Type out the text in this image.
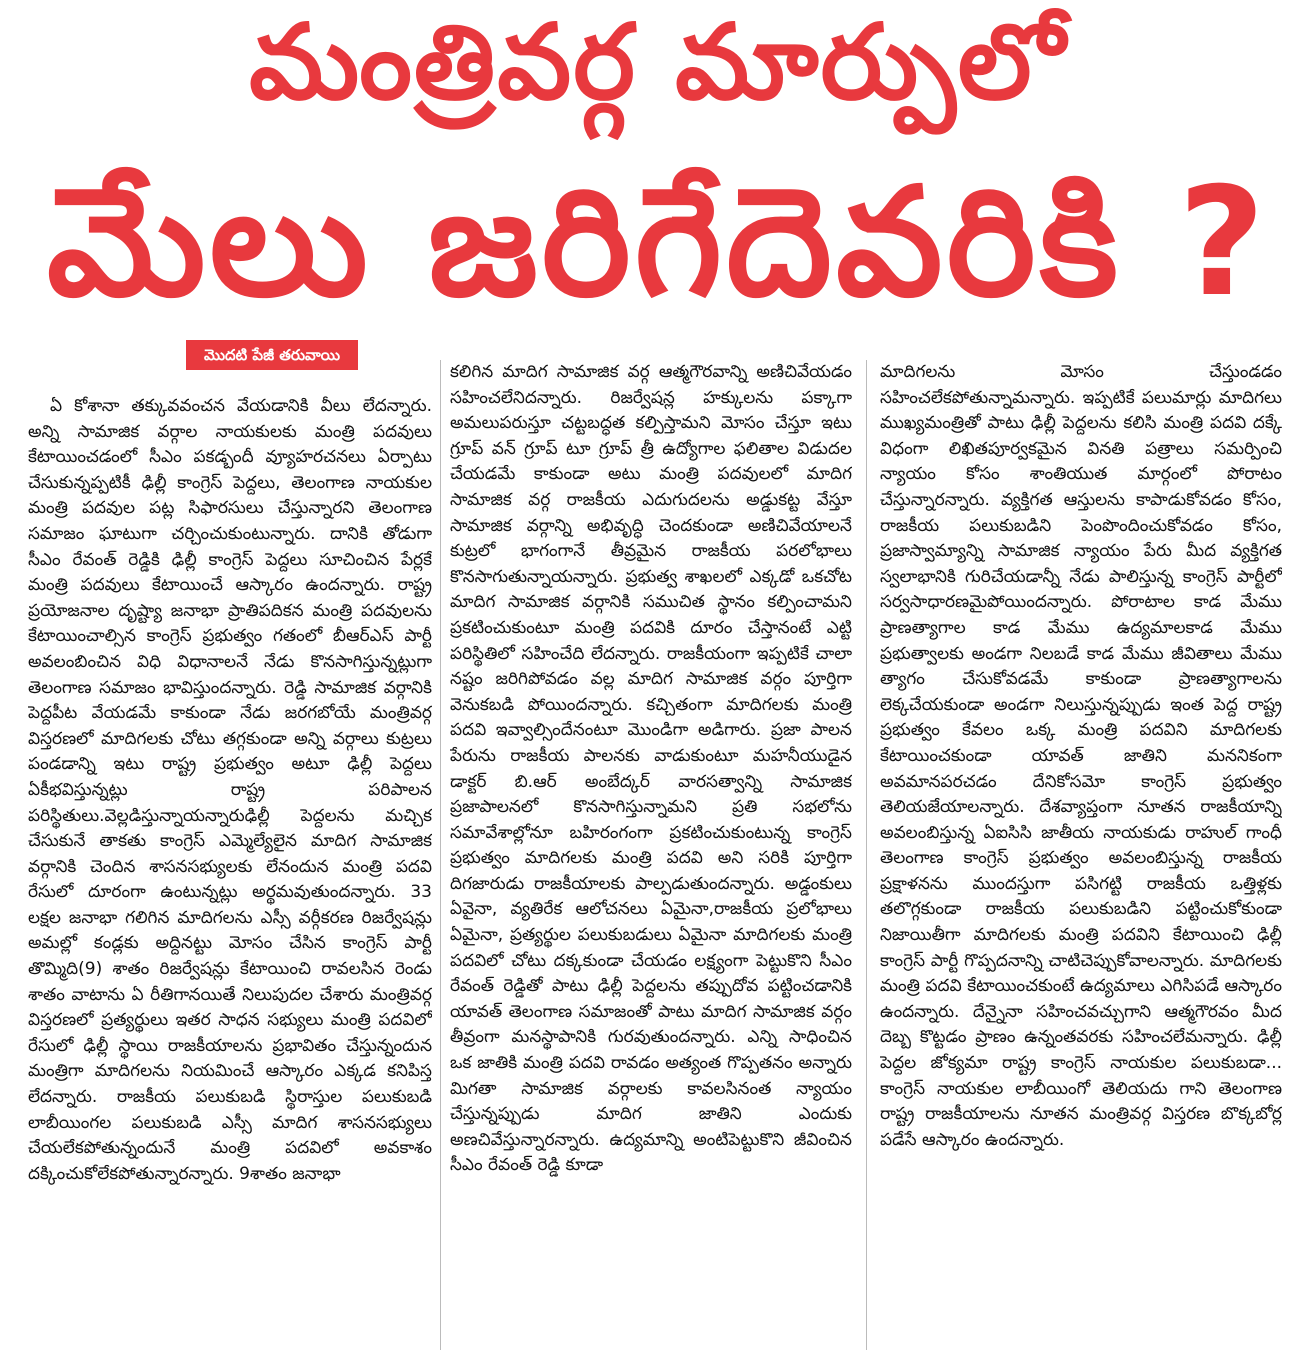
మంత్రివర్గ మార్పులో
మేలు జరిగేదెవరికి ?
మొదటి పేజీ తరువాయి
ఏ కోశానా తక్కువవంచన వేయడానికి వీలు లేదన్నారు. అన్ని సామాజిక వర్గాల నాయకులకు మంత్రి పదవులు కేటాయించడంలో సీఎం పకడ్బందీ వ్యూహరచనలు ఏర్పాటు చేసుకున్నప్పటికీ ఢిల్లీ కాంగ్రెస్ పెద్దలు, తెలంగాణ నాయకుల మంత్రి పదవుల పట్ల సిఫారసులు చేస్తున్నారని తెలంగాణ సమాజం ఘాటుగా చర్చించుకుంటున్నారు. దానికి తోడుగా సీఎం రేవంత్ రెడ్డికి ఢిల్లీ కాంగ్రెస్ పెద్దలు సూచించిన పేర్లకే మంత్రి పదవులు కేటాయించే ఆస్కారం ఉందన్నారు. రాష్ట్ర ప్రయోజనాల దృష్ట్యా జనాభా ప్రాతిపదికన మంత్రి పదవులను కేటాయించాల్సిన కాంగ్రెస్ ప్రభుత్వం గతంలో బీఆర్ఎస్ పార్టీ అవలంబించిన విధి విధానాలనే నేడు కొనసాగిస్తున్నట్లుగా తెలంగాణ సమాజం భావిస్తుందన్నారు. రెడ్డి సామాజిక వర్గానికి పెద్దపీట వేయడమే కాకుండా నేడు జరగబోయే మంత్రివర్గ విస్తరణలో మాదిగలకు చోటు తగ్గకుండా అన్ని వర్గాలు కుట్రలు పండడాన్ని ఇటు రాష్ట్ర ప్రభుత్వం అటూ ఢిల్లీ పెద్దలు ఏకీభవిస్తున్నట్లు రాష్ట్ర పరిపాలన పరిస్థితులు.వెల్లడిస్తున్నాయన్నారుఢిల్లీ పెద్దలను మచ్చిక చేసుకునే తాకతు కాంగ్రెస్ ఎమ్మెల్యేలైన మాదిగ సామాజిక వర్గానికి చెందిన శాసనసభ్యులకు లేనందున మంత్రి పదవి రేసులో దూరంగా ఉంటున్నట్లు అర్థమవుతుందన్నారు. 33 లక్షల జనాభా గలిగిన మాదిగలను ఎస్సీ వర్గీకరణ రిజర్వేషన్లు అమల్లో కండ్లకు అద్దినట్టు మోసం చేసిన కాంగ్రెస్ పార్టీ తొమ్మిది(9) శాతం రిజర్వేషన్లు కేటాయించి రావలసిన రెండు శాతం వాటాను ఏ రీతిగానయితే నిలుపుదల చేశారు మంత్రివర్గ విస్తరణలో ప్రత్యర్థులు ఇతర సాధన సభ్యులు మంత్రి పదవిలో రేసులో ఢిల్లీ స్థాయి రాజకీయాలను ప్రభావితం చేస్తున్నందున మంత్రిగా మాదిగలను నియమించే ఆస్కారం ఎక్కడ కనిపిస్త లేదన్నారు. రాజకీయ పలుకుబడి స్థిరాస్తుల పలుకుబడి లాబీయింగల పలుకుబడి ఎస్సీ మాదిగ శాసనసభ్యులు చేయలేకపోతున్నందునే మంత్రి పదవిలో అవకాశం దక్కించుకోలేకపోతున్నారన్నారు. 9శాతం జనాభా
కలిగిన మాదిగ సామాజిక వర్గ ఆత్మగౌరవాన్ని అణిచివేయడం సహించలేనిదన్నారు. రిజర్వేషన్ల హక్కులను పక్కాగా అమలుపరుస్తూ చట్టబద్ధత కల్పిస్తామని మోసం చేస్తూ ఇటు గ్రూప్ వన్ గ్రూప్ టూ గ్రూప్ త్రీ ఉద్యోగాల ఫలితాల విడుదల చేయడమే కాకుండా అటు మంత్రి పదవులలో మాదిగ సామాజిక వర్గ రాజకీయ ఎదుగుదలను అడ్డుకట్ట వేస్తూ సామాజిక వర్గాన్ని అభివృద్ధి చెందకుండా అణిచివేయాలనే కుట్రలో భాగంగానే తీవ్రమైన రాజకీయ పరలోభాలు కొనసాగుతున్నాయన్నారు. ప్రభుత్వ శాఖలలో ఎక్కడో ఒకచోట మాదిగ సామాజిక వర్గానికి సముచిత స్థానం కల్పించామని ప్రకటించుకుంటూ మంత్రి పదవికి దూరం చేస్తానంటే ఎట్టి పరిస్థితిలో సహించేది లేదన్నారు. రాజకీయంగా ఇప్పటికే చాలా నష్టం జరిగిపోవడం వల్ల మాదిగ సామాజిక వర్గం పూర్తిగా వెనుకబడి పోయిందన్నారు. కచ్చితంగా మాదిగలకు మంత్రి పదవి ఇవ్వాల్సిందేనంటూ మొండిగా అడిగారు. ప్రజా పాలన పేరును రాజకీయ పాలనకు వాడుకుంటూ మహనీయుడైన డాక్టర్ బి.ఆర్ అంబేద్కర్ వారసత్వాన్ని సామాజిక ప్రజాపాలనలో కొనసాగిస్తున్నామని ప్రతి సభలోను సమావేశాల్లోనూ బహిరంగంగా ప్రకటించుకుంటున్న కాంగ్రెస్ ప్రభుత్వం మాదిగలకు మంత్రి పదవి అని సరికి పూర్తిగా దిగజారుడు రాజకీయాలకు పాల్పడుతుందన్నారు. అడ్డంకులు ఏవైనా, వ్యతిరేక ఆలోచనలు ఏమైనా,రాజకీయ ప్రలోభాలు ఏమైనా, ప్రత్యర్థుల పలుకుబడులు ఏమైనా మాదిగలకు మంత్రి పదవిలో చోటు దక్కకుండా చేయడం లక్ష్యంగా పెట్టుకొని సీఎం రేవంత్ రెడ్డితో పాటు ఢిల్లీ పెద్దలను తప్పుదోవ పట్టించడానికి యావత్ తెలంగాణ సమాజంతో పాటు మాదిగ సామాజిక వర్గం తీవ్రంగా మనస్థాపానికి గురవుతుందన్నారు. ఎన్ని సాధించిన ఒక జాతికి మంత్రి పదవి రావడం అత్యంత గొప్పతనం అన్నారు మిగతా సామాజిక వర్గాలకు కావలసినంత న్యాయం చేస్తున్నప్పుడు మాదిగ జాతిని ఎందుకు అణచివేస్తున్నారన్నారు. ఉద్యమాన్ని అంటిపెట్టుకొని జీవించిన సీఎం రేవంత్ రెడ్డి కూడా
మాదిగలను మోసం చేస్తుండడం సహించలేకపోతున్నామన్నారు. ఇప్పటికే పలుమార్లు మాదిగలు ముఖ్యమంత్రితో పాటు ఢిల్లీ పెద్దలను కలిసి మంత్రి పదవి దక్కే విధంగా లిఖితపూర్వకమైన వినతి పత్రాలు సమర్పించి న్యాయం కోసం శాంతియుత మార్గంలో పోరాటం చేస్తున్నారన్నారు. వ్యక్తిగత ఆస్తులను కాపాడుకోవడం కోసం, రాజకీయ పలుకుబడిని పెంపొందించుకోవడం కోసం, ప్రజాస్వామ్యాన్ని సామాజిక న్యాయం పేరు మీద వ్యక్తిగత స్వలాభానికి గురిచేయడాన్నీ నేడు పాలిస్తున్న కాంగ్రెస్ పార్టీలో సర్వసాధారణమైపోయిందన్నారు. పోరాటాల కాడ మేము ప్రాణత్యాగాల కాడ మేము ఉద్యమాలకాడ మేము ప్రభుత్వాలకు అండగా నిలబడే కాడ మేము జీవితాలు మేము త్యాగం చేసుకోవడమే కాకుండా ప్రాణత్యాగాలను లెక్కచేయకుండా అండగా నిలుస్తున్నప్పుడు ఇంత పెద్ద రాష్ట్ర ప్రభుత్వం కేవలం ఒక్క మంత్రి పదవిని మాదిగలకు కేటాయించకుండా యావత్ జాతిని మననికంగా అవమానపరచడం దేనికోసమో కాంగ్రెస్ ప్రభుత్వం తెలియజేయాలన్నారు. దేశవ్యాప్తంగా నూతన రాజకీయాన్ని అవలంబిస్తున్న ఏఐసిసి జాతీయ నాయకుడు రాహుల్ గాంధీ తెలంగాణ కాంగ్రెస్ ప్రభుత్వం అవలంబిస్తున్న రాజకీయ ప్రక్షాళనను ముందస్తుగా పసిగట్టి రాజకీయ ఒత్తిళ్లకు తలొగ్గకుండా రాజకీయ పలుకుబడిని పట్టించుకోకుండా నిజాయితీగా మాదిగలకు మంత్రి పదవిని కేటాయించి ఢిల్లీ కాంగ్రెస్ పార్టీ గొప్పదనాన్ని చాటిచెప్పుకోవాలన్నారు. మాదిగలకు మంత్రి పదవి కేటాయించకుంటే ఉద్యమాలు ఎగిసిపడే ఆస్కారం ఉందన్నారు. దేన్నైనా సహించవచ్చుగాని ఆత్మగౌరవం మీద దెబ్బ కొట్టడం ప్రాణం ఉన్నంతవరకు సహించలేమన్నారు. ఢిల్లీ పెద్దల జోక్యమా రాష్ట్ర కాంగ్రెస్ నాయకుల పలుకుబడా... కాంగ్రెస్ నాయకుల లాబీయింగో తెలియదు గాని తెలంగాణ రాష్ట్ర రాజకీయాలను నూతన మంత్రివర్గ విస్తరణ బొక్కబోర్ల పడేసే ఆస్కారం ఉందన్నారు.
